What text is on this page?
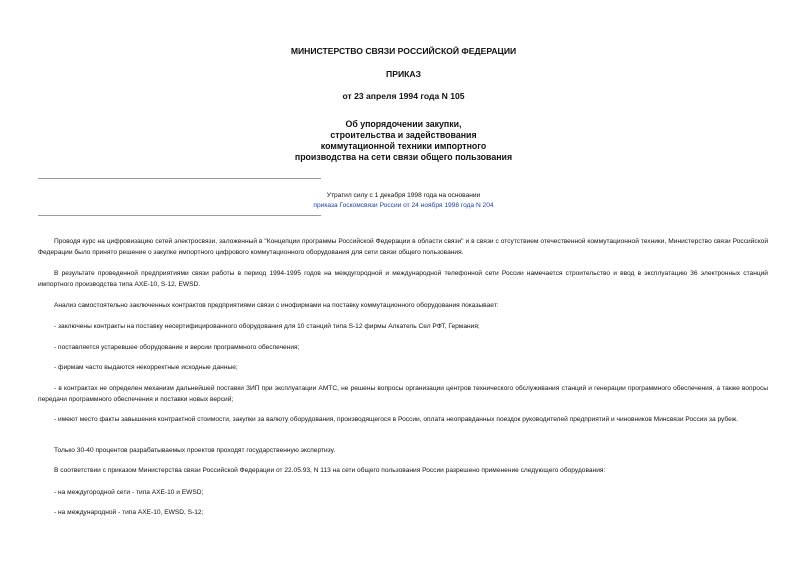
МИНИСТЕРСТВО СВЯЗИ РОССИЙСКОЙ ФЕДЕРАЦИИ
ПРИКАЗ
от 23 апреля 1994 года N 105
Об упорядочении закупки,
строительства и задействования
коммутационной техники импортного
производства на сети связи общего пользования
Утратил силу с 1 декабря 1998 года на основании
приказа Госкомсвязи России от 24 ноября 1998 года N 204

Проводя курс на цифровизацию сетей электросвязи, заложенный в "Концепции программы Российской Федерации в области связи" и в связи с отсутствием отечественной коммутационной техники, Министерство связи Российской Федерации было принято решение о закупке импортного цифрового коммутационного оборудования для сети связи общего пользования.

В результате проведенной предприятиями связи работы в период 1994-1995 годов на междугородной и международной телефонной сети России намечается строительство и ввод в эксплуатацию 36 электронных станций импортного производства типа АХЕ-10, S-12, EWSD.

Анализ самостоятельно заключенных контрактов предприятиями связи с инофирмами на поставку коммутационного оборудования показывает:

- заключены контракты на поставку несертифицированного оборудования для 10 станций типа S-12 фирмы Алкатель Сел РФТ, Германия;

- поставляется устаревшее оборудование и версии программного обеспечения;

- фирмам часто выдаются некорректные исходные данные;

- в контрактах не определен механизм дальнейшей поставки ЗИП при эксплуатации АМТС, не решены вопросы организации центров технического обслуживания станций и генерации программного обеспечения, а также вопросы передачи программного обеспечения и поставки новых версий;

- имеют место факты завышения контрактной стоимости, закупки за валюту оборудования, производящегося в России, оплата неоправданных поездок руководителей предприятий и чиновников Минсвязи России за рубеж.

Только 30-40 процентов разрабатываемых проектов проходят государственную экспертизу.

В соответствии с приказом Министерства связи Российской Федерации от 22.05.93, N 113 на сети общего пользования России разрешено применение следующего оборудования:

- на междугородной сети - типа АХЕ-10 и EWSD;

- на международной - типа АХЕ-10, EWSD, S-12;
